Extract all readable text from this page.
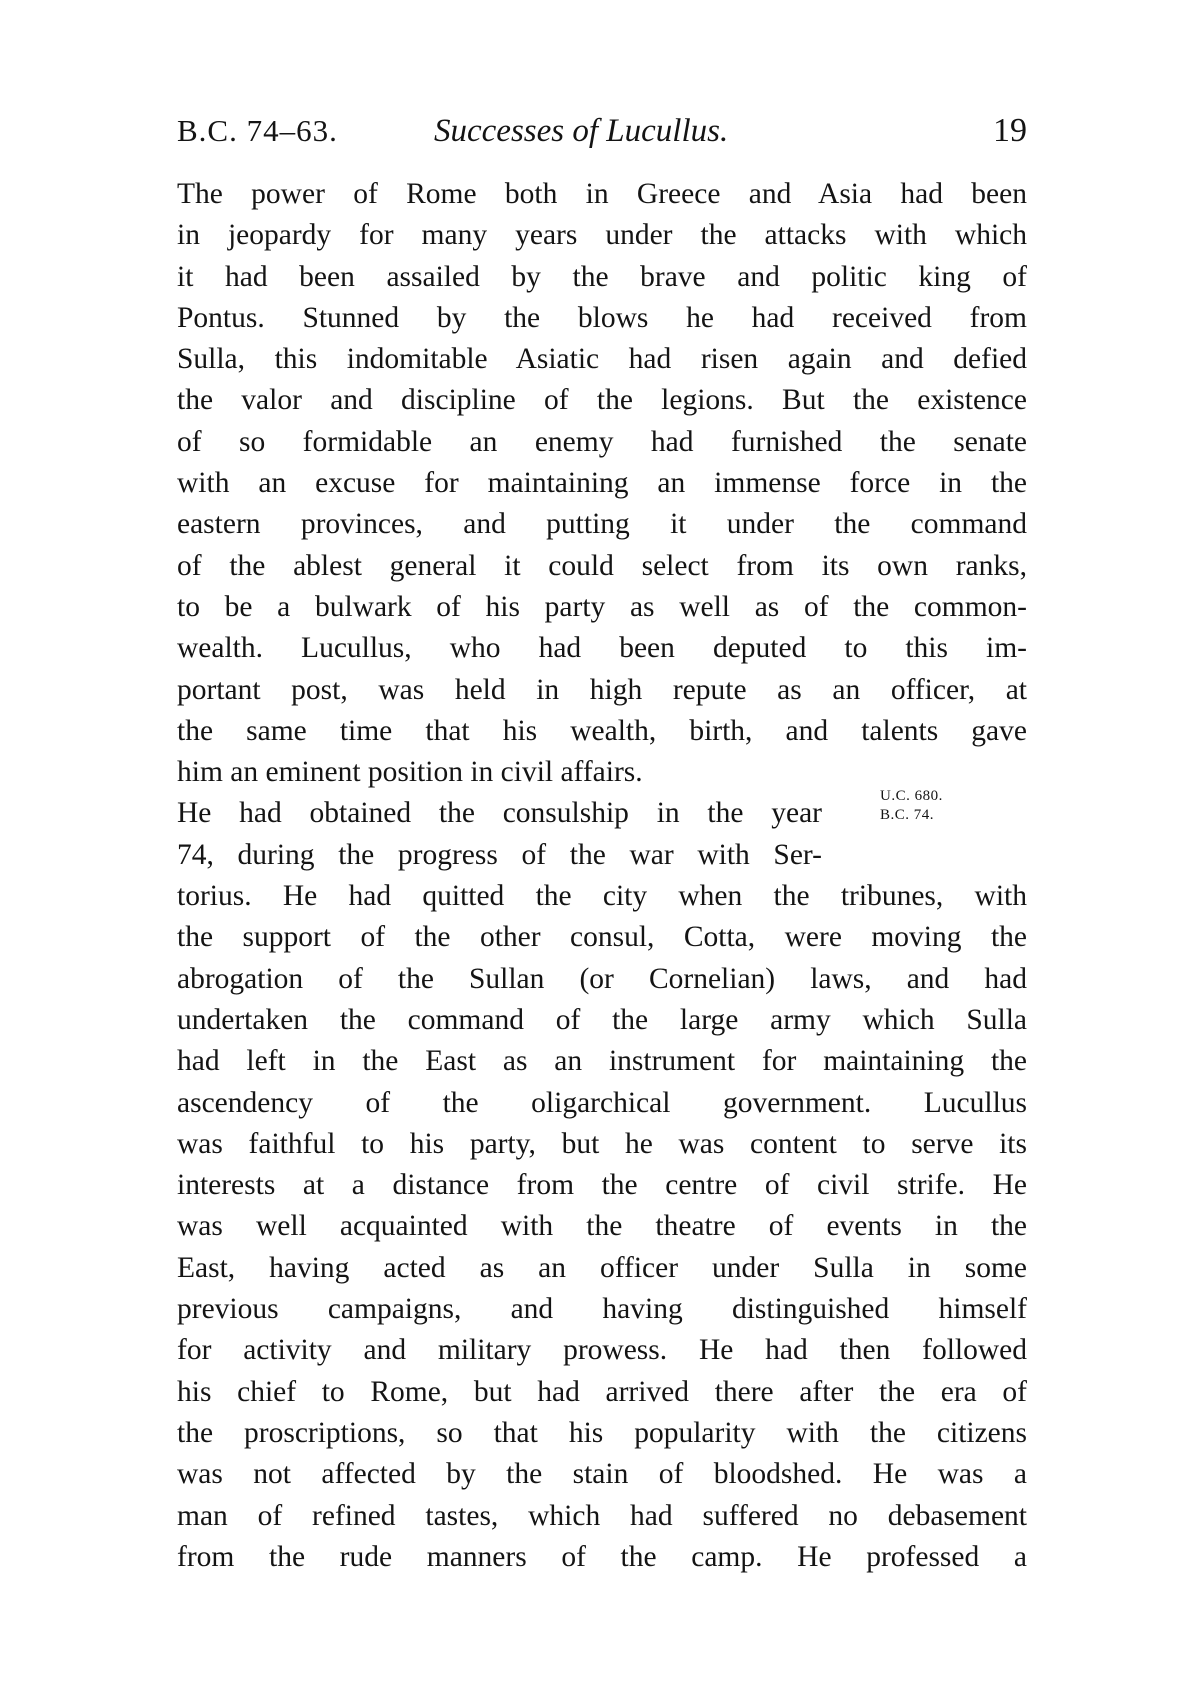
B.C. 74–63.	Successes of Lucullus.	19
The power of Rome both in Greece and Asia had been
in jeopardy for many years under the attacks with which
it had been assailed by the brave and politic king of
Pontus. Stunned by the blows he had received from
Sulla, this indomitable Asiatic had risen again and defied
the valor and discipline of the legions. But the existence
of so formidable an enemy had furnished the senate
with an excuse for maintaining an immense force in the
eastern provinces, and putting it under the command
of the ablest general it could select from its own ranks,
to be a bulwark of his party as well as of the common-
wealth. Lucullus, who had been deputed to this im-
portant post, was held in high repute as an officer, at
the same time that his wealth, birth, and talents gave
him an eminent position in civil affairs.
He had obtained the consulship in the year
74, during the progress of the war with Ser-
torius. He had quitted the city when the tribunes, with
the support of the other consul, Cotta, were moving the
abrogation of the Sullan (or Cornelian) laws, and had
undertaken the command of the large army which Sulla
had left in the East as an instrument for maintaining the
ascendency of the oligarchical government. Lucullus
was faithful to his party, but he was content to serve its
interests at a distance from the centre of civil strife. He
was well acquainted with the theatre of events in the
East, having acted as an officer under Sulla in some
previous campaigns, and having distinguished himself
for activity and military prowess. He had then followed
his chief to Rome, but had arrived there after the era of
the proscriptions, so that his popularity with the citizens
was not affected by the stain of bloodshed. He was a
man of refined tastes, which had suffered no debasement
from the rude manners of the camp. He professed a
U.C. 680.
B.C. 74.
